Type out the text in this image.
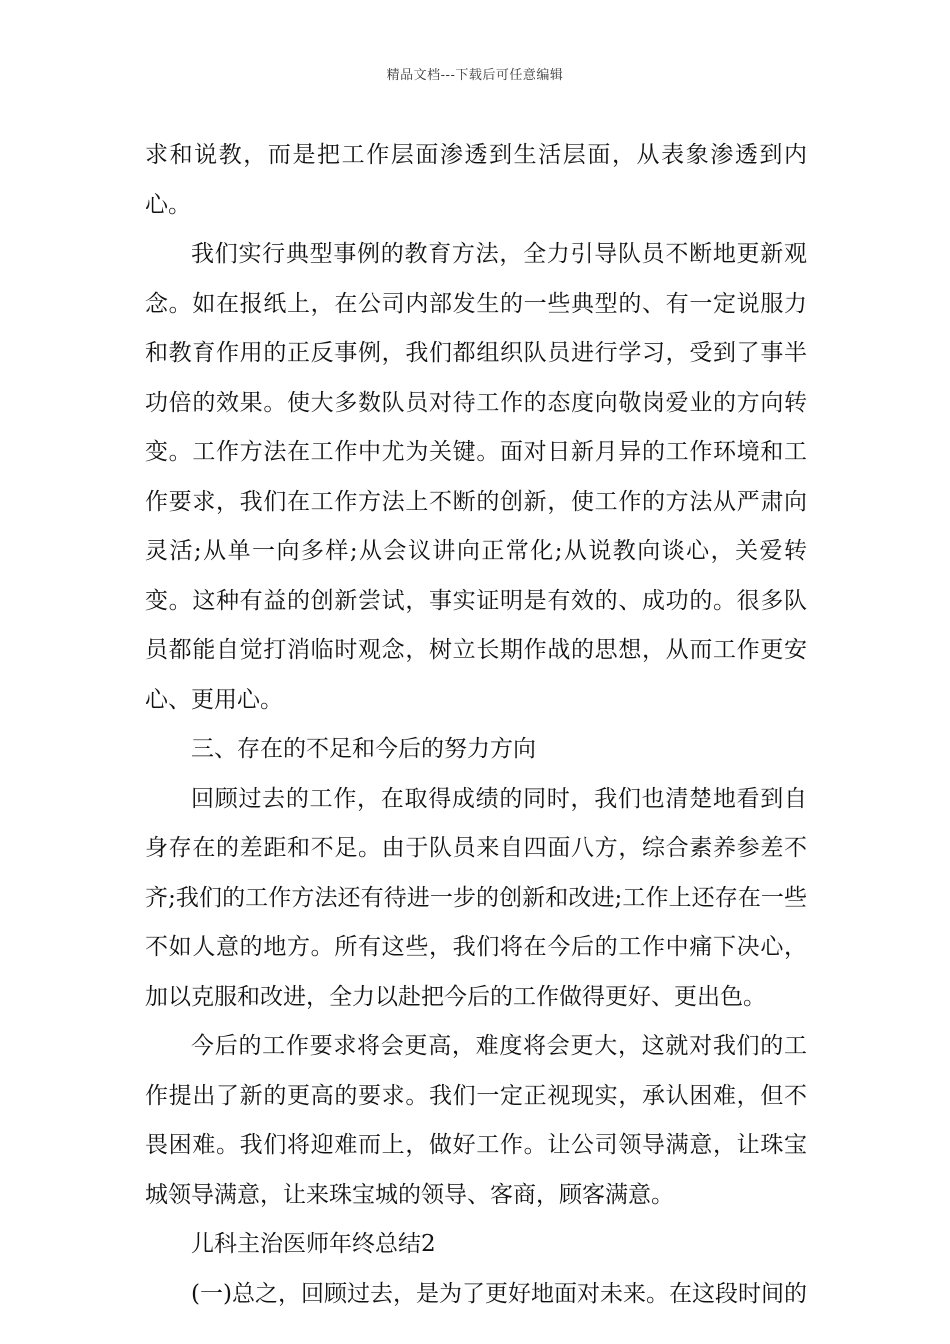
精品文档---下载后可任意编辑

求和说教，而是把工作层面渗透到生活层面，从表象渗透到内心。

我们实行典型事例的教育方法，全力引导队员不断地更新观念。如在报纸上，在公司内部发生的一些典型的、有一定说服力和教育作用的正反事例，我们都组织队员进行学习，受到了事半功倍的效果。使大多数队员对待工作的态度向敬岗爱业的方向转变。工作方法在工作中尤为关键。面对日新月异的工作环境和工作要求，我们在工作方法上不断的创新，使工作的方法从严肃向灵活;从单一向多样;从会议讲向正常化;从说教向谈心，关爱转变。这种有益的创新尝试，事实证明是有效的、成功的。很多队员都能自觉打消临时观念，树立长期作战的思想，从而工作更安心、更用心。

三、存在的不足和今后的努力方向

回顾过去的工作，在取得成绩的同时，我们也清楚地看到自身存在的差距和不足。由于队员来自四面八方，综合素养参差不齐;我们的工作方法还有待进一步的创新和改进;工作上还存在一些不如人意的地方。所有这些，我们将在今后的工作中痛下决心，加以克服和改进，全力以赴把今后的工作做得更好、更出色。

今后的工作要求将会更高，难度将会更大，这就对我们的工作提出了新的更高的要求。我们一定正视现实，承认困难，但不畏困难。我们将迎难而上，做好工作。让公司领导满意，让珠宝城领导满意，让来珠宝城的领导、客商，顾客满意。

儿科主治医师年终总结2

(一)总之，回顾过去，是为了更好地面对未来。在这段时间的
